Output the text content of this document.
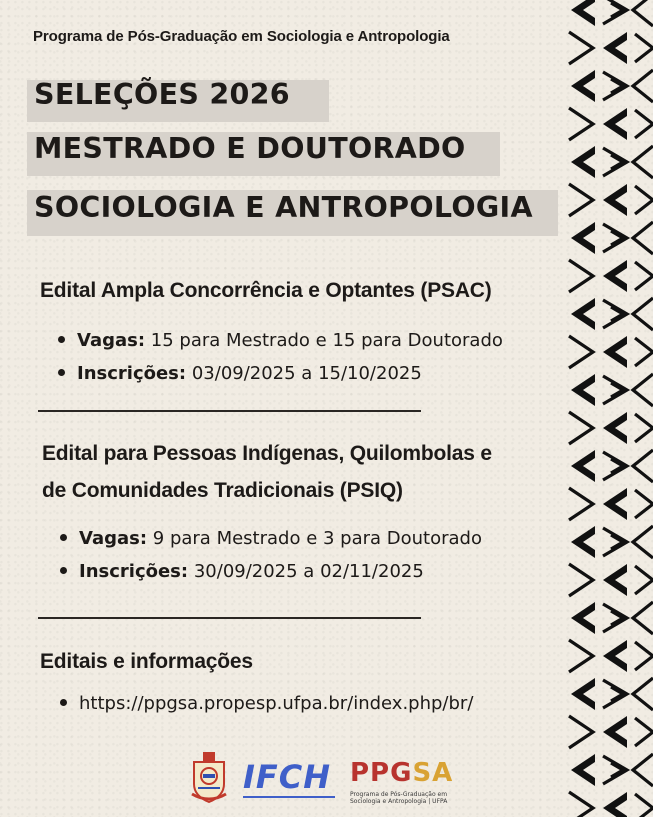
Programa de Pós-Graduação em Sociologia e Antropologia
SELEÇÕES 2026
MESTRADO E DOUTORADO
SOCIOLOGIA E ANTROPOLOGIA
Edital Ampla Concorrência e Optantes (PSAC)
Vagas: 15 para Mestrado e 15 para Doutorado
Inscrições: 03/09/2025 a 15/10/2025
Edital para Pessoas Indígenas, Quilombolas e
de Comunidades Tradicionais (PSIQ)
Vagas: 9 para Mestrado e 3 para Doutorado
Inscrições: 30/09/2025 a 02/11/2025
Editais e informações
https://ppgsa.propesp.ufpa.br/index.php/br/
IFCH PPGSA
Programa de Pós-Graduação em
Sociologia e Antropologia | UFPA
